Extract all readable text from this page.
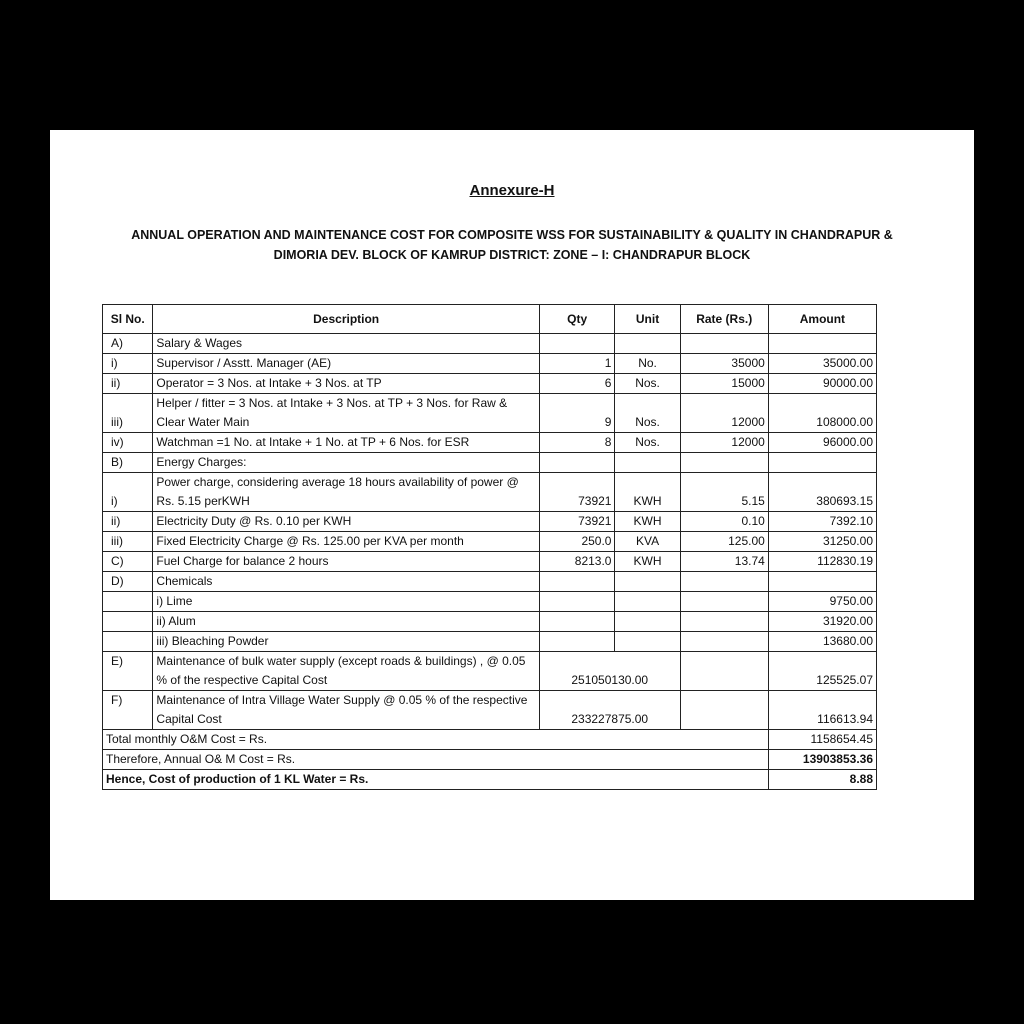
Annexure-H
ANNUAL OPERATION AND MAINTENANCE COST FOR COMPOSITE WSS FOR SUSTAINABILITY & QUALITY IN CHANDRAPUR & DIMORIA DEV. BLOCK OF KAMRUP DISTRICT: ZONE – I: CHANDRAPUR BLOCK
Sl No.	Description	Qty	Unit	Rate (Rs.)	Amount
A)	Salary & Wages				
i)	Supervisor / Asstt. Manager (AE)	1	No.	35000	35000.00
ii)	Operator = 3 Nos. at Intake + 3 Nos. at TP	6	Nos.	15000	90000.00
iii)	Helper / fitter = 3 Nos. at Intake + 3 Nos. at TP + 3 Nos. for Raw & Clear Water Main	9	Nos.	12000	108000.00
iv)	Watchman =1 No. at Intake + 1 No. at TP + 6 Nos. for ESR	8	Nos.	12000	96000.00
B)	Energy Charges:				
i)	Power charge, considering average 18 hours availability of power @ Rs. 5.15 perKWH	73921	KWH	5.15	380693.15
ii)	Electricity Duty @ Rs. 0.10 per KWH	73921	KWH	0.10	7392.10
iii)	Fixed Electricity Charge @ Rs. 125.00 per KVA per month	250.0	KVA	125.00	31250.00
C)	Fuel Charge for balance 2 hours	8213.0	KWH	13.74	112830.19
D)	Chemicals				
	i) Lime				9750.00
	ii) Alum				31920.00
	iii) Bleaching Powder				13680.00
E)	Maintenance of bulk water supply (except roads & buildings) , @ 0.05 % of the respective Capital Cost	251050130.00			125525.07
F)	Maintenance of Intra Village Water Supply @ 0.05 % of the respective Capital Cost	233227875.00			116613.94
Total monthly O&M Cost = Rs.					1158654.45
Therefore, Annual O& M Cost = Rs.					13903853.36
Hence, Cost of production of 1 KL Water = Rs.					8.88
